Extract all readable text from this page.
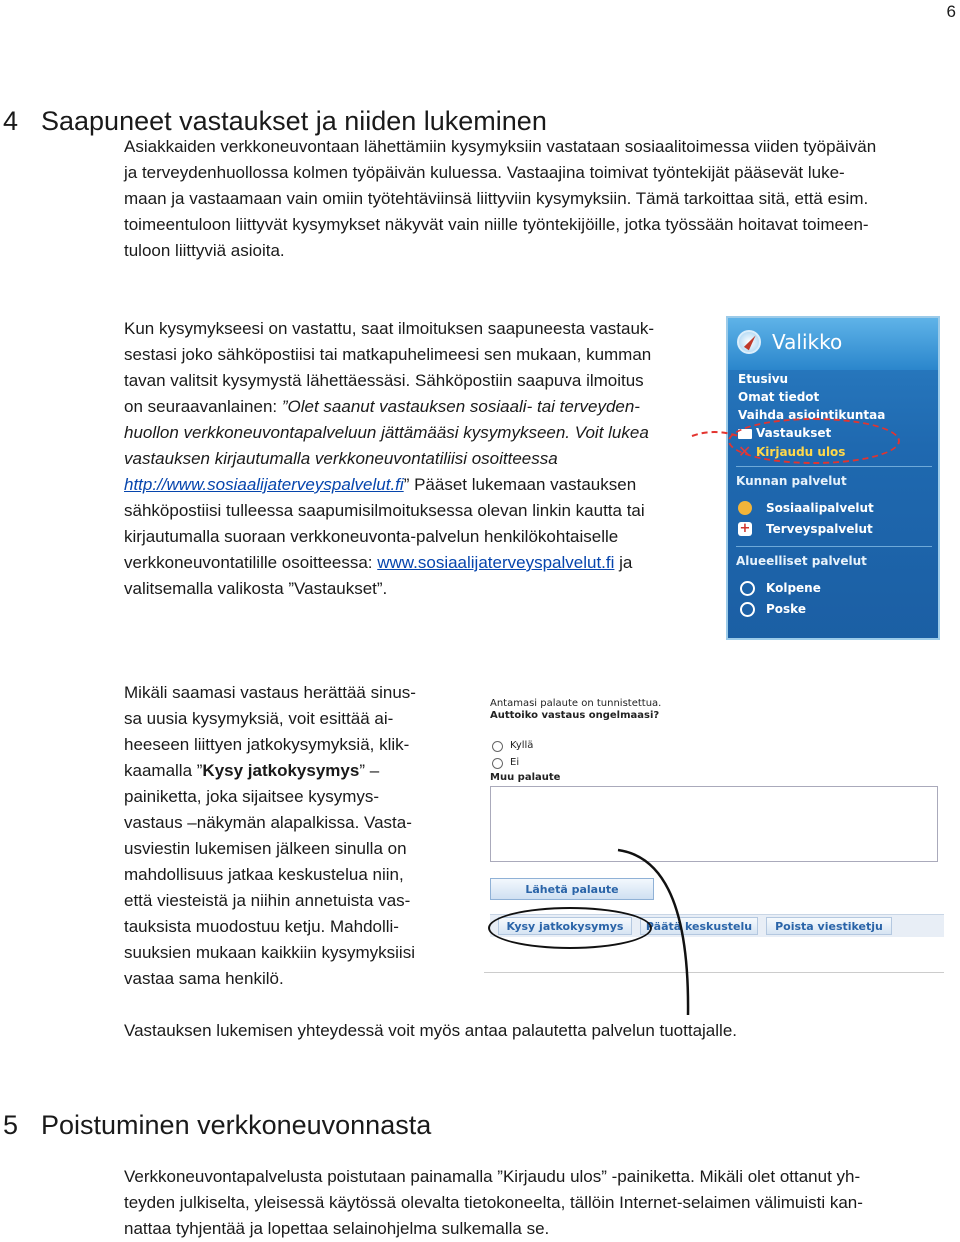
6
4 Saapuneet vastaukset ja niiden lukeminen
Asiakkaiden verkkoneuvontaan lähettämiin kysymyksiin vastataan sosiaalitoimessa viiden työpäivän
ja terveydenhuollossa kolmen työpäivän kuluessa. Vastaajina toimivat työntekijät pääsevät luke-
maan ja vastaamaan vain omiin työtehtäviinsä liittyviin kysymyksiin. Tämä tarkoittaa sitä, että esim.
toimeentuloon liittyvät kysymykset näkyvät vain niille työntekijöille, jotka työssään hoitavat toimeen-
tuloon liittyviä asioita.
Kun kysymykseesi on vastattu, saat ilmoituksen saapuneesta vastauk-
sestasi joko sähköpostiisi tai matkapuhelimeesi sen mukaan, kumman
tavan valitsit kysymystä lähettäessäsi. Sähköpostiin saapuva ilmoitus
on seuraavanlainen: ”Olet saanut vastauksen sosiaali- tai terveyden-
huollon verkkoneuvontapalveluun jättämääsi kysymykseen. Voit lukea
vastauksen kirjautumalla verkkoneuvontatiliisi osoitteessa
http://www.sosiaalijaterveyspalvelut.fi” Pääset lukemaan vastauksen
sähköpostiisi tulleessa saapumisilmoituksessa olevan linkin kautta tai
kirjautumalla suoraan verkkoneuvonta-palvelun henkilökohtaiselle
verkkoneuvontatilille osoitteessa: www.sosiaalijaterveyspalvelut.fi ja
valitsemalla valikosta ”Vastaukset”.
Valikko
Etusivu
Omat tiedot
Vaihda asiointikuntaa
Vastaukset
✕ Kirjaudu ulos
Kunnan palvelut
Sosiaalipalvelut
+ Terveyspalvelut
Alueelliset palvelut
Kolpene
Poske
Mikäli saamasi vastaus herättää sinus-
sa uusia kysymyksiä, voit esittää ai-
heeseen liittyen jatkokysymyksiä, klik-
kaamalla ”Kysy jatkokysymys” –
painiketta, joka sijaitsee kysymys-
vastaus –näkymän alapalkissa. Vasta-
usviestin lukemisen jälkeen sinulla on
mahdollisuus jatkaa keskustelua niin,
että viesteistä ja niihin annetuista vas-
tauksista muodostuu ketju. Mahdolli-
suuksien mukaan kaikkiin kysymyksiisi
vastaa sama henkilö.
Antamasi palaute on tunnistettua.
Auttoiko vastaus ongelmaasi?
Kyllä
Ei
Muu palaute
Lähetä palaute
Kysy jatkokysymys	Päätä keskustelu	Poista viestiketju
Vastauksen lukemisen yhteydessä voit myös antaa palautetta palvelun tuottajalle.
5 Poistuminen verkkoneuvonnasta
Verkkoneuvontapalvelusta poistutaan painamalla ”Kirjaudu ulos” -painiketta. Mikäli olet ottanut yh-
teyden julkiselta, yleisessä käytössä olevalta tietokoneelta, tällöin Internet-selaimen välimuisti kan-
nattaa tyhjentää ja lopettaa selainohjelma sulkemalla se.
